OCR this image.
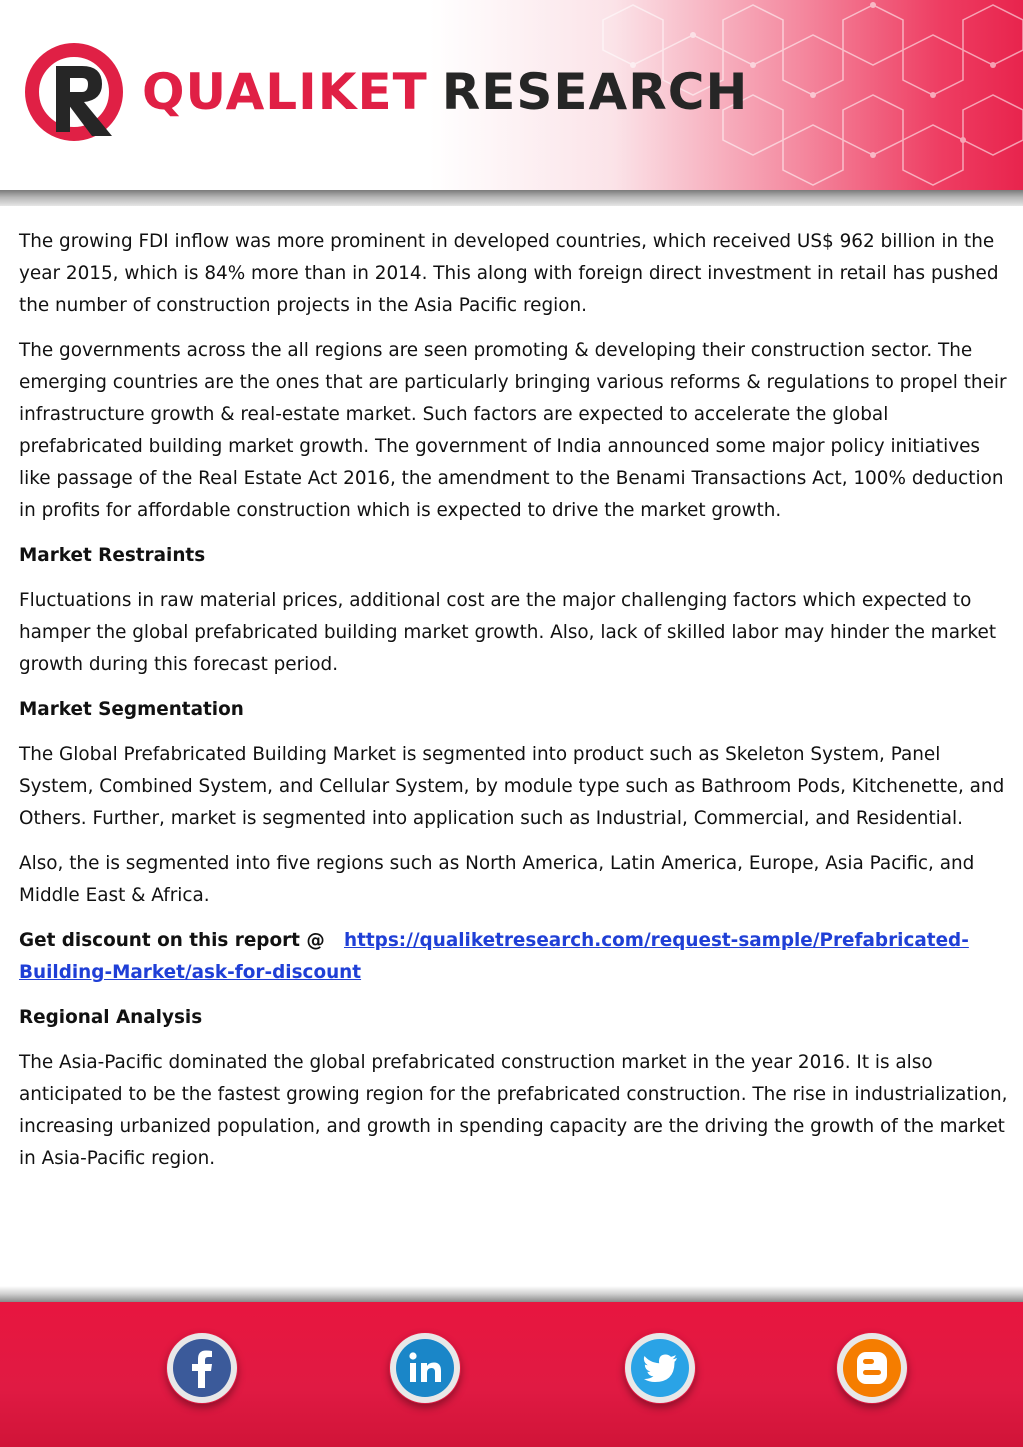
QUALIKET RESEARCH

The growing FDI inflow was more prominent in developed countries, which received US$ 962 billion in the year 2015, which is 84% more than in 2014. This along with foreign direct investment in retail has pushed the number of construction projects in the Asia Pacific region.

The governments across the all regions are seen promoting & developing their construction sector. The emerging countries are the ones that are particularly bringing various reforms & regulations to propel their infrastructure growth & real-estate market. Such factors are expected to accelerate the global prefabricated building market growth. The government of India announced some major policy initiatives like passage of the Real Estate Act 2016, the amendment to the Benami Transactions Act, 100% deduction in profits for affordable construction which is expected to drive the market growth.

Market Restraints

Fluctuations in raw material prices, additional cost are the major challenging factors which expected to hamper the global prefabricated building market growth. Also, lack of skilled labor may hinder the market growth during this forecast period.

Market Segmentation

The Global Prefabricated Building Market is segmented into product such as Skeleton System, Panel System, Combined System, and Cellular System, by module type such as Bathroom Pods, Kitchenette, and Others. Further, market is segmented into application such as Industrial, Commercial, and Residential.

Also, the is segmented into five regions such as North America, Latin America, Europe, Asia Pacific, and Middle East & Africa.

Get discount on this report @ https://qualiketresearch.com/request-sample/Prefabricated-Building-Market/ask-for-discount

Regional Analysis

The Asia-Pacific dominated the global prefabricated construction market in the year 2016. It is also anticipated to be the fastest growing region for the prefabricated construction. The rise in industrialization, increasing urbanized population, and growth in spending capacity are the driving the growth of the market in Asia-Pacific region.
